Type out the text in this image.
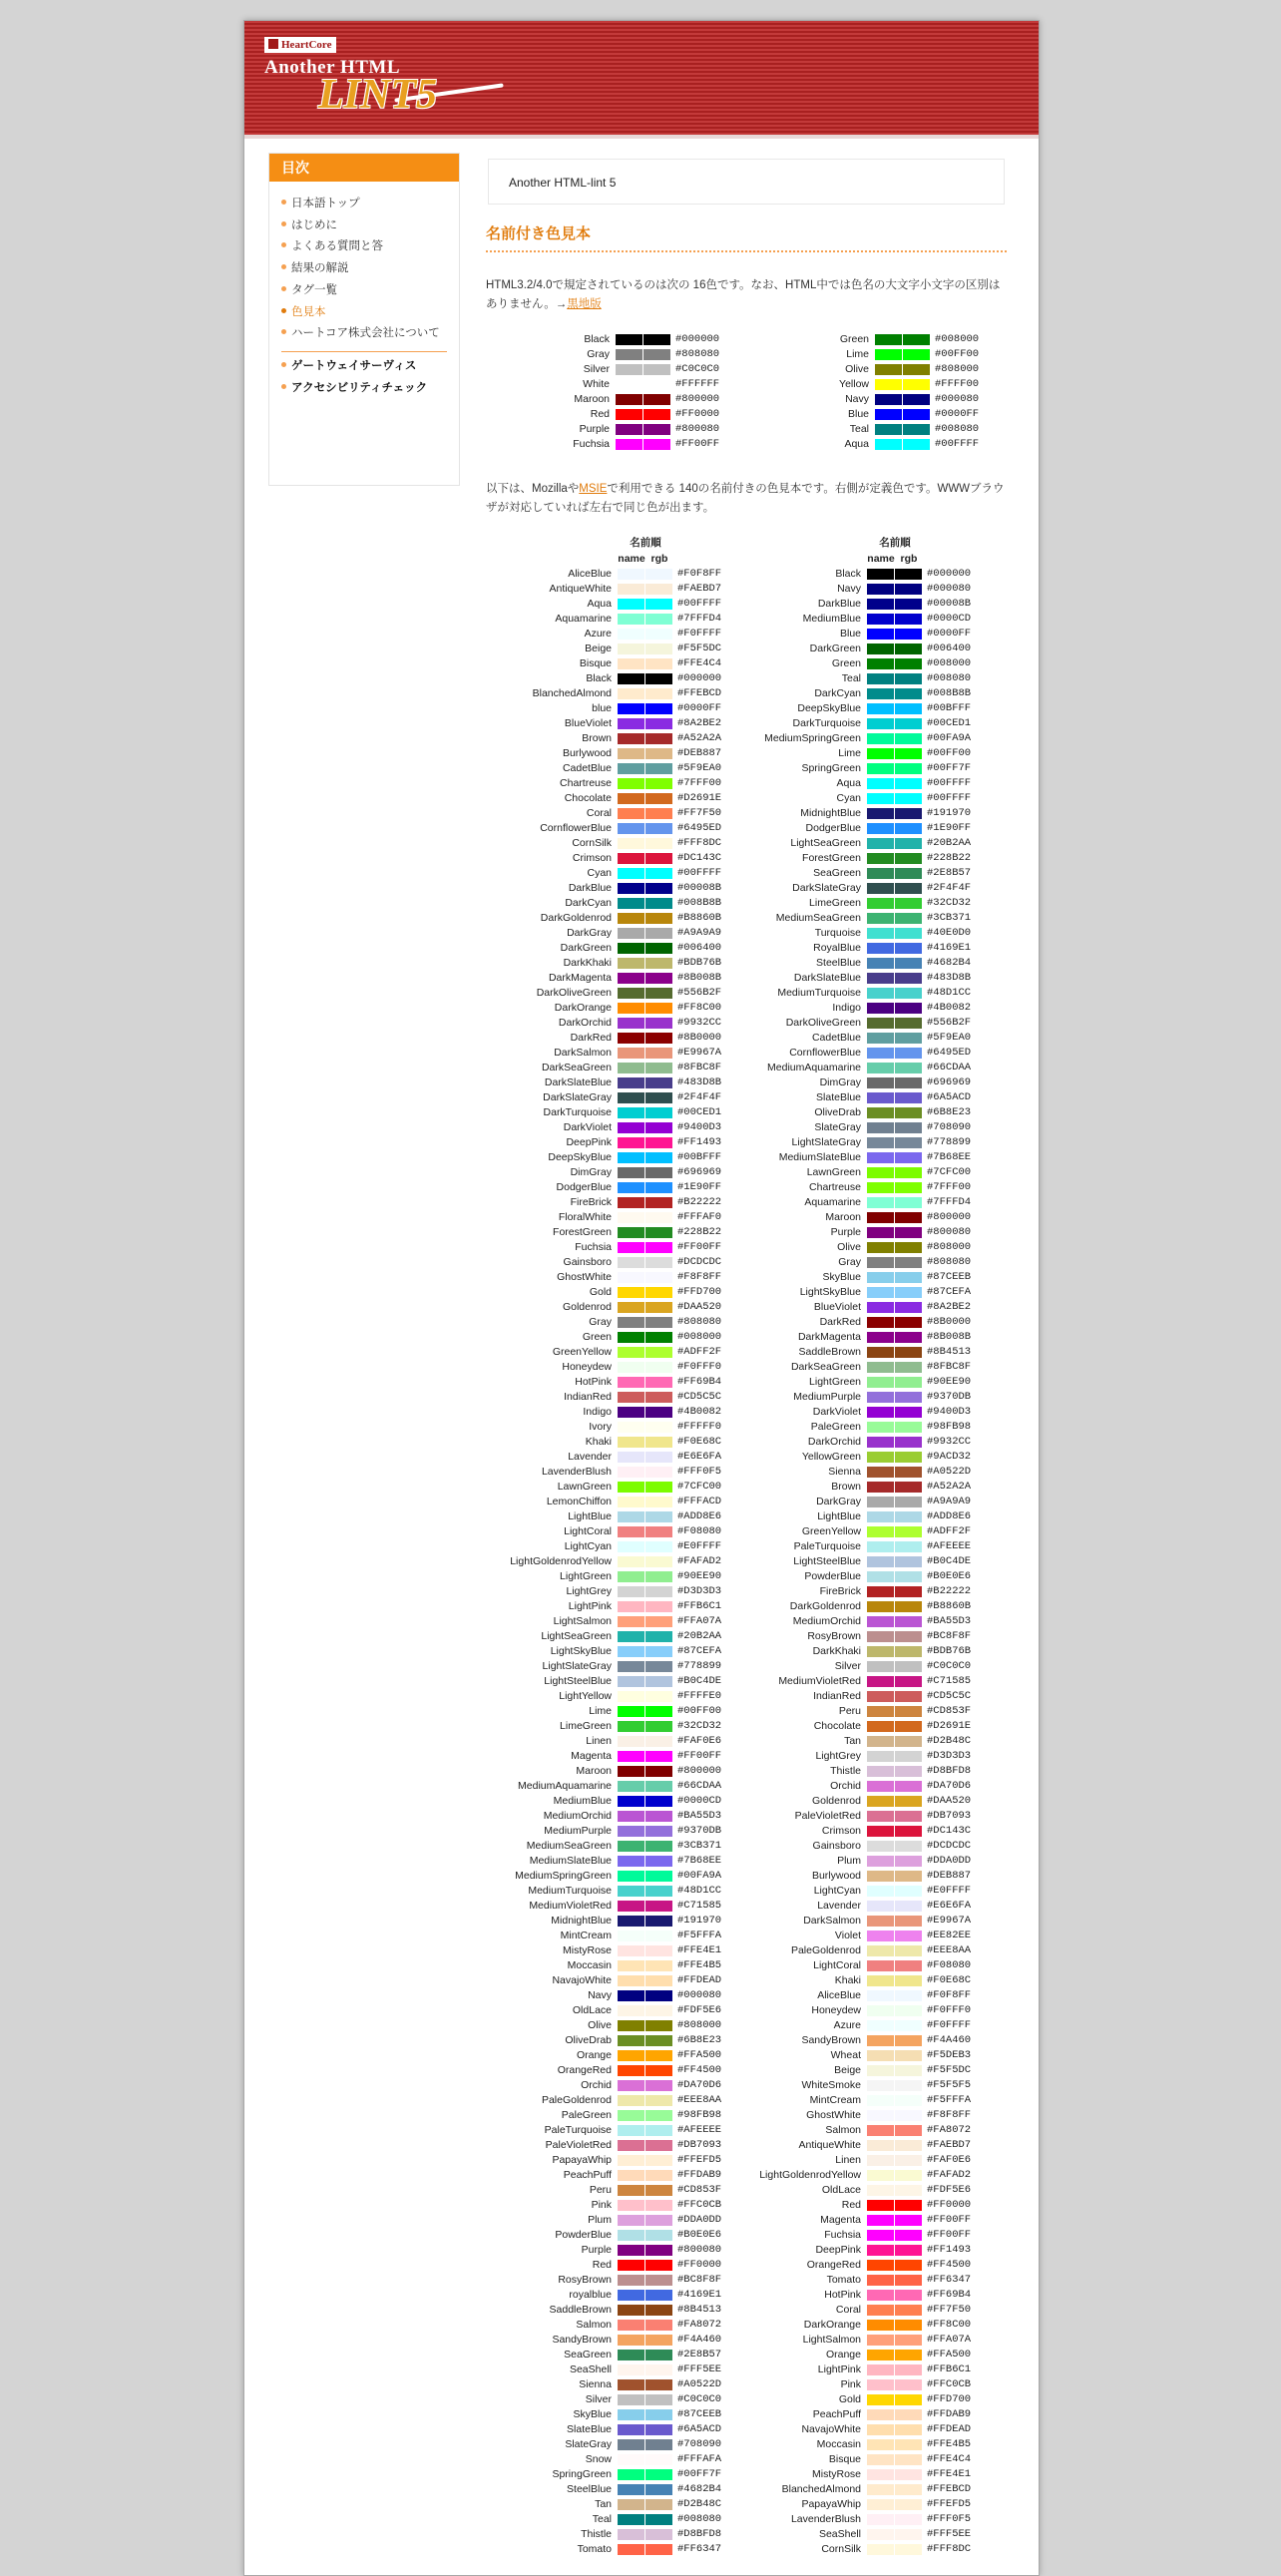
HeartCore
Another HTML
LINT5
目次
日本語トップ
はじめに
よくある質問と答
結果の解説
タグ一覧
色見本
ハートコア株式会社について
ゲートウェイサーヴィス
アクセシビリティチェック
Another HTML-lint 5
名前付き色見本
HTML3.2/4.0で規定されているのは次の 16色です。なお、HTML中では色名の大文字小文字の区別はありません。→黒地版
Black			#000000
Gray			#808080
Silver			#C0C0C0
White			#FFFFFF
Maroon			#800000
Red			#FF0000
Purple			#800080
Fuchsia			#FF00FF
Green			#008000
Lime			#00FF00
Olive			#808000
Yellow			#FFFF00
Navy			#000080
Blue			#0000FF
Teal			#008080
Aqua			#00FFFF
以下は、MozillaやMSIEで利用できる 140の名前付きの色見本です。右側が定義色です。WWWブラウザが対応していれば左右で同じ色が出ます。
	名前順		
	name	rgb	
AliceBlue			#F0F8FF
AntiqueWhite			#FAEBD7
Aqua			#00FFFF
Aquamarine			#7FFFD4
Azure			#F0FFFF
Beige			#F5F5DC
Bisque			#FFE4C4
Black			#000000
BlanchedAlmond			#FFEBCD
blue			#0000FF
BlueViolet			#8A2BE2
Brown			#A52A2A
Burlywood			#DEB887
CadetBlue			#5F9EA0
Chartreuse			#7FFF00
Chocolate			#D2691E
Coral			#FF7F50
CornflowerBlue			#6495ED
CornSilk			#FFF8DC
Crimson			#DC143C
Cyan			#00FFFF
DarkBlue			#00008B
DarkCyan			#008B8B
DarkGoldenrod			#B8860B
DarkGray			#A9A9A9
DarkGreen			#006400
DarkKhaki			#BDB76B
DarkMagenta			#8B008B
DarkOliveGreen			#556B2F
DarkOrange			#FF8C00
DarkOrchid			#9932CC
DarkRed			#8B0000
DarkSalmon			#E9967A
DarkSeaGreen			#8FBC8F
DarkSlateBlue			#483D8B
DarkSlateGray			#2F4F4F
DarkTurquoise			#00CED1
DarkViolet			#9400D3
DeepPink			#FF1493
DeepSkyBlue			#00BFFF
DimGray			#696969
DodgerBlue			#1E90FF
FireBrick			#B22222
FloralWhite			#FFFAF0
ForestGreen			#228B22
Fuchsia			#FF00FF
Gainsboro			#DCDCDC
GhostWhite			#F8F8FF
Gold			#FFD700
Goldenrod			#DAA520
Gray			#808080
Green			#008000
GreenYellow			#ADFF2F
Honeydew			#F0FFF0
HotPink			#FF69B4
IndianRed			#CD5C5C
Indigo			#4B0082
Ivory			#FFFFF0
Khaki			#F0E68C
Lavender			#E6E6FA
LavenderBlush			#FFF0F5
LawnGreen			#7CFC00
LemonChiffon			#FFFACD
LightBlue			#ADD8E6
LightCoral			#F08080
LightCyan			#E0FFFF
LightGoldenrodYellow			#FAFAD2
LightGreen			#90EE90
LightGrey			#D3D3D3
LightPink			#FFB6C1
LightSalmon			#FFA07A
LightSeaGreen			#20B2AA
LightSkyBlue			#87CEFA
LightSlateGray			#778899
LightSteelBlue			#B0C4DE
LightYellow			#FFFFE0
Lime			#00FF00
LimeGreen			#32CD32
Linen			#FAF0E6
Magenta			#FF00FF
Maroon			#800000
MediumAquamarine			#66CDAA
MediumBlue			#0000CD
MediumOrchid			#BA55D3
MediumPurple			#9370DB
MediumSeaGreen			#3CB371
MediumSlateBlue			#7B68EE
MediumSpringGreen			#00FA9A
MediumTurquoise			#48D1CC
MediumVioletRed			#C71585
MidnightBlue			#191970
MintCream			#F5FFFA
MistyRose			#FFE4E1
Moccasin			#FFE4B5
NavajoWhite			#FFDEAD
Navy			#000080
OldLace			#FDF5E6
Olive			#808000
OliveDrab			#6B8E23
Orange			#FFA500
OrangeRed			#FF4500
Orchid			#DA70D6
PaleGoldenrod			#EEE8AA
PaleGreen			#98FB98
PaleTurquoise			#AFEEEE
PaleVioletRed			#DB7093
PapayaWhip			#FFEFD5
PeachPuff			#FFDAB9
Peru			#CD853F
Pink			#FFC0CB
Plum			#DDA0DD
PowderBlue			#B0E0E6
Purple			#800080
Red			#FF0000
RosyBrown			#BC8F8F
royalblue			#4169E1
SaddleBrown			#8B4513
Salmon			#FA8072
SandyBrown			#F4A460
SeaGreen			#2E8B57
SeaShell			#FFF5EE
Sienna			#A0522D
Silver			#C0C0C0
SkyBlue			#87CEEB
SlateBlue			#6A5ACD
SlateGray			#708090
Snow			#FFFAFA
SpringGreen			#00FF7F
SteelBlue			#4682B4
Tan			#D2B48C
Teal			#008080
Thistle			#D8BFD8
Tomato			#FF6347
	名前順		
	name	rgb	
Black			#000000
Navy			#000080
DarkBlue			#00008B
MediumBlue			#0000CD
Blue			#0000FF
DarkGreen			#006400
Green			#008000
Teal			#008080
DarkCyan			#008B8B
DeepSkyBlue			#00BFFF
DarkTurquoise			#00CED1
MediumSpringGreen			#00FA9A
Lime			#00FF00
SpringGreen			#00FF7F
Aqua			#00FFFF
Cyan			#00FFFF
MidnightBlue			#191970
DodgerBlue			#1E90FF
LightSeaGreen			#20B2AA
ForestGreen			#228B22
SeaGreen			#2E8B57
DarkSlateGray			#2F4F4F
LimeGreen			#32CD32
MediumSeaGreen			#3CB371
Turquoise			#40E0D0
RoyalBlue			#4169E1
SteelBlue			#4682B4
DarkSlateBlue			#483D8B
MediumTurquoise			#48D1CC
Indigo			#4B0082
DarkOliveGreen			#556B2F
CadetBlue			#5F9EA0
CornflowerBlue			#6495ED
MediumAquamarine			#66CDAA
DimGray			#696969
SlateBlue			#6A5ACD
OliveDrab			#6B8E23
SlateGray			#708090
LightSlateGray			#778899
MediumSlateBlue			#7B68EE
LawnGreen			#7CFC00
Chartreuse			#7FFF00
Aquamarine			#7FFFD4
Maroon			#800000
Purple			#800080
Olive			#808000
Gray			#808080
SkyBlue			#87CEEB
LightSkyBlue			#87CEFA
BlueViolet			#8A2BE2
DarkRed			#8B0000
DarkMagenta			#8B008B
SaddleBrown			#8B4513
DarkSeaGreen			#8FBC8F
LightGreen			#90EE90
MediumPurple			#9370DB
DarkViolet			#9400D3
PaleGreen			#98FB98
DarkOrchid			#9932CC
YellowGreen			#9ACD32
Sienna			#A0522D
Brown			#A52A2A
DarkGray			#A9A9A9
LightBlue			#ADD8E6
GreenYellow			#ADFF2F
PaleTurquoise			#AFEEEE
LightSteelBlue			#B0C4DE
PowderBlue			#B0E0E6
FireBrick			#B22222
DarkGoldenrod			#B8860B
MediumOrchid			#BA55D3
RosyBrown			#BC8F8F
DarkKhaki			#BDB76B
Silver			#C0C0C0
MediumVioletRed			#C71585
IndianRed			#CD5C5C
Peru			#CD853F
Chocolate			#D2691E
Tan			#D2B48C
LightGrey			#D3D3D3
Thistle			#D8BFD8
Orchid			#DA70D6
Goldenrod			#DAA520
PaleVioletRed			#DB7093
Crimson			#DC143C
Gainsboro			#DCDCDC
Plum			#DDA0DD
Burlywood			#DEB887
LightCyan			#E0FFFF
Lavender			#E6E6FA
DarkSalmon			#E9967A
Violet			#EE82EE
PaleGoldenrod			#EEE8AA
LightCoral			#F08080
Khaki			#F0E68C
AliceBlue			#F0F8FF
Honeydew			#F0FFF0
Azure			#F0FFFF
SandyBrown			#F4A460
Wheat			#F5DEB3
Beige			#F5F5DC
WhiteSmoke			#F5F5F5
MintCream			#F5FFFA
GhostWhite			#F8F8FF
Salmon			#FA8072
AntiqueWhite			#FAEBD7
Linen			#FAF0E6
LightGoldenrodYellow			#FAFAD2
OldLace			#FDF5E6
Red			#FF0000
Magenta			#FF00FF
Fuchsia			#FF00FF
DeepPink			#FF1493
OrangeRed			#FF4500
Tomato			#FF6347
HotPink			#FF69B4
Coral			#FF7F50
DarkOrange			#FF8C00
LightSalmon			#FFA07A
Orange			#FFA500
LightPink			#FFB6C1
Pink			#FFC0CB
Gold			#FFD700
PeachPuff			#FFDAB9
NavajoWhite			#FFDEAD
Moccasin			#FFE4B5
Bisque			#FFE4C4
MistyRose			#FFE4E1
BlanchedAlmond			#FFEBCD
PapayaWhip			#FFEFD5
LavenderBlush			#FFF0F5
SeaShell			#FFF5EE
CornSilk			#FFF8DC
